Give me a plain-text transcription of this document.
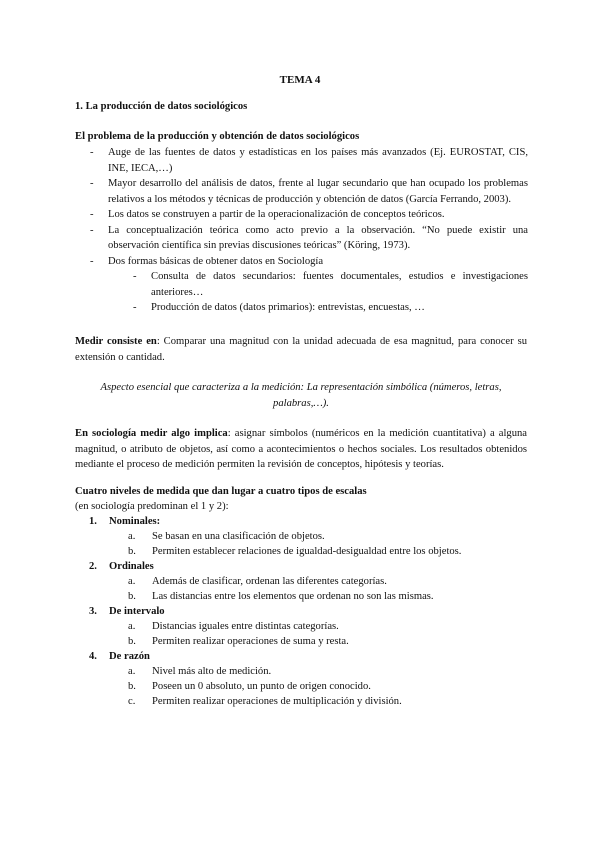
TEMA 4
1. La producción de datos sociológicos
El problema de la producción y obtención de datos sociológicos
- Auge de las fuentes de datos y estadísticas en los países más avanzados (Ej. EUROSTAT, CIS, INE, IECA,…)
- Mayor desarrollo del análisis de datos, frente al lugar secundario que han ocupado los problemas relativos a los métodos y técnicas de producción y obtención de datos (García Ferrando, 2003).
- Los datos se construyen a partir de la operacionalización de conceptos teóricos.
- La conceptualización teórica como acto previo a la observación. “No puede existir una observación científica sin previas discusiones teóricas” (Köring, 1973).
- Dos formas básicas de obtener datos en Sociología
- Consulta de datos secundarios: fuentes documentales, estudios e investigaciones anteriores…
- Producción de datos (datos primarios): entrevistas, encuestas, …
Medir consiste en: Comparar una magnitud con la unidad adecuada de esa magnitud, para conocer su extensión o cantidad.
Aspecto esencial que caracteriza a la medición: La representación simbólica (números, letras, palabras,…).
En sociología medir algo implica: asignar símbolos (numéricos en la medición cuantitativa) a alguna magnitud, o atributo de objetos, así como a acontecimientos o hechos sociales. Los resultados obtenidos mediante el proceso de medición permiten la revisión de conceptos, hipótesis y teorías.
Cuatro niveles de medida que dan lugar a cuatro tipos de escalas
(en sociología predominan el 1 y 2):
1. Nominales:
a. Se basan en una clasificación de objetos.
b. Permiten establecer relaciones de igualdad-desigualdad entre los objetos.
2. Ordinales
a. Además de clasificar, ordenan las diferentes categorías.
b. Las distancias entre los elementos que ordenan no son las mismas.
3. De intervalo
a. Distancias iguales entre distintas categorías.
b. Permiten realizar operaciones de suma y resta.
4. De razón
a. Nivel más alto de medición.
b. Poseen un 0 absoluto, un punto de origen conocido.
c. Permiten realizar operaciones de multiplicación y división.
